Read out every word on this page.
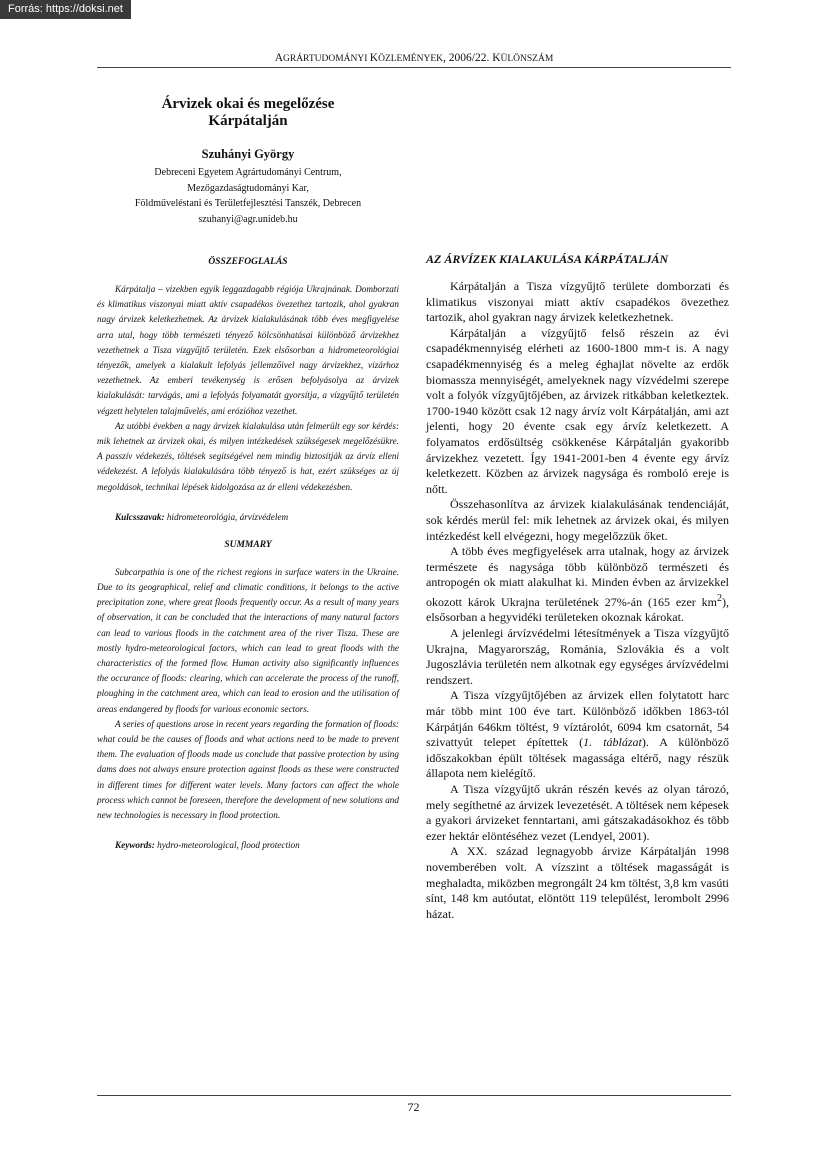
Forrás: https://doksi.net
AGRÁRTUDOMÁNYI KÖZLEMÉNYEK, 2006/22. KÜLÖNSZÁM
Árvizek okai és megelőzése
Kárpátalján
Szuhányi György
Debreceni Egyetem Agrártudományi Centrum,
Mezőgazdaságtudományi Kar,
Földműveléstani és Területfejlesztési Tanszék, Debrecen
szuhanyi@agr.unideb.hu
ÖSSZEFOGLALÁS

Kárpátalja – vizekben egyik leggazdagabb régiója Ukrajnának. Domborzati és klimatikus viszonyai miatt aktív csapadékos övezethez tartozik, ahol gyakran nagy árvizek keletkezhetnek. Az árvizek kialakulásának több éves megfigyelése arra utal, hogy több természeti tényező kölcsönhatásai különböző árvizekhez vezethetnek a Tisza vízgyűjtő területén. Ezek elsősorban a hidrometeorológiai tényezők, amelyek a kialakult lefolyás jellemzőivel nagy árvizekhez, vízárhoz vezethetnek. Az emberi tevékenység is erősen befolyásolya az árvizek kialakulását: tarvágás, ami a lefolyás folyamatát gyorsítja, a vízgyűjtő területén végzett helytelen talajművelés, ami erózióhoz vezethet.

Az utóbbi években a nagy árvizek kialakulása után felmerült egy sor kérdés: mik lehetnek az árvizek okai, és milyen intézkedések szükségesek megelőzésükre. A passzív védekezés, töltések segítségével nem mindig biztosítják az árvíz elleni védekezést. A lefolyás kialakulására több tényező is hat, ezért szükséges az új megoldások, technikai lépések kidolgozása az ár elleni védekezésben.

Kulcsszavak: hidrometeorológia, árvízvédelem
SUMMARY

Subcarpathia is one of the richest regions in surface waters in the Ukraine. Due to its geographical, relief and climatic conditions, it belongs to the active precipitation zone, where great floods frequently occur. As a result of many years of observation, it can be concluded that the interactions of many natural factors can lead to various floods in the catchment area of the river Tisza. These are mostly hydro-meteorological factors, which can lead to great floods with the characteristics of the formed flow. Human activity also significantly influences the occurance of floods: clearing, which can accelerate the process of the runoff, ploughing in the catchment area, which can lead to erosion and the utilisation of areas endangered by floods for various economic sectors.

A series of questions arose in recent years regarding the formation of floods: what could be the causes of floods and what actions need to be made to prevent them. The evaluation of floods made us conclude that passive protection by using dams does not always ensure protection against floods as these were constructed in different times for different water levels. Many factors can affect the whole process which cannot be foreseen, therefore the development of new solutions and new technologies is necessary in flood protection.

Keywords: hydro-meteorological, flood protection
AZ ÁRVÍZEK KIALAKULÁSA KÁRPÁTALJÁN

Kárpátalján a Tisza vízgyűjtő területe domborzati és klimatikus viszonyai miatt aktív csapadékos övezethez tartozik, ahol gyakran nagy árvizek keletkezhetnek.

Kárpátalján a vízgyűjtő felső részein az évi csapadékmennyiség elérheti az 1600-1800 mm-t is. A nagy csapadékmennyiség és a meleg éghajlat növelte az erdők biomassza mennyiségét, amelyeknek nagy vízvédelmi szerepe volt a folyók vízgyűjtőjében, az árvizek ritkábban keletkeztek. 1700-1940 között csak 12 nagy árvíz volt Kárpátalján, ami azt jelenti, hogy 20 évente csak egy árvíz keletkezett. A folyamatos erdősültség csökkenése Kárpátalján gyakoribb árvizekhez vezetett. Így 1941-2001-ben 4 évente egy árvíz keletkezett. Közben az árvizek nagysága és romboló ereje is nőtt.

Összehasonlítva az árvizek kialakulásának tendenciáját, sok kérdés merül fel: mik lehetnek az árvizek okai, és milyen intézkedést kell elvégezni, hogy megelőzzük őket.

A több éves megfigyelések arra utalnak, hogy az árvizek természete és nagysága több különböző természeti és antropogén ok miatt alakulhat ki. Minden évben az árvizekkel okozott károk Ukrajna területének 27%-án (165 ezer $km^2$), elsősorban a hegyvidéki területeken okoznak károkat.

A jelenlegi árvízvédelmi létesítmények a Tisza vízgyűjtő Ukrajna, Magyarország, Románia, Szlovákia és a volt Jugoszlávia területén nem alkotnak egy egységes árvízvédelmi rendszert.

A Tisza vízgyűjtőjében az árvizek ellen folytatott harc már több mint 100 éve tart. Különböző időkben 1863-tól Kárpátján 646km töltést, 9 víztárolót, 6094 km csatornát, 54 szivattyút telepet építettek (1. táblázat). A különböző időszakokban épült töltések magassága eltérő, nagy részük állapota nem kielégítő.

A Tisza vízgyűjtő ukrán részén kevés az olyan tározó, mely segíthetné az árvizek levezetését. A töltések nem képesek a gyakori árvizeket fenntartani, ami gátszakadásokhoz és több ezer hektár elöntéséhez vezet (Lendyel, 2001).

A XX. század legnagyobb árvize Kárpátalján 1998 novemberében volt. A vízszint a töltések magasságát is meghaladta, miközben megrongált 24 km töltést, 3,8 km vasúti sínt, 148 km autóutat, elöntött 119 települést, lerombolt 2996 házat.

72
